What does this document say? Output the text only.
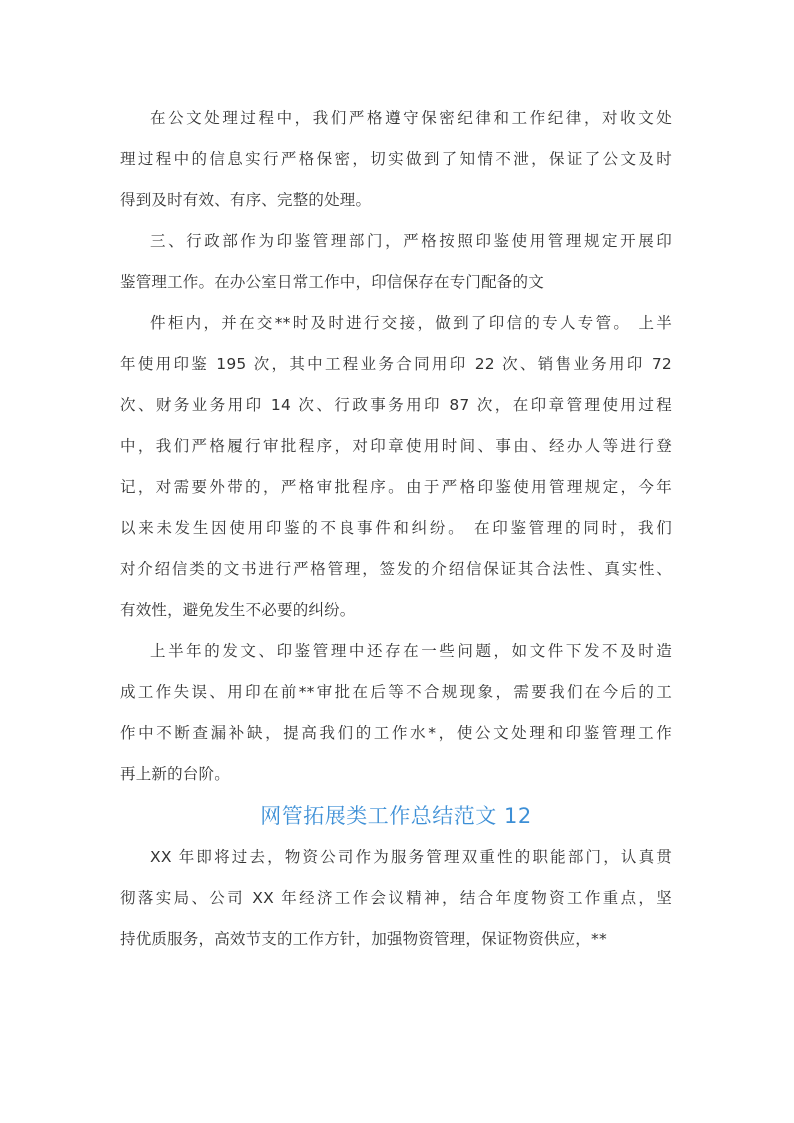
在公文处理过程中，我们严格遵守保密纪律和工作纪律，对收文处
理过程中的信息实行严格保密，切实做到了知情不泄，保证了公文及时
得到及时有效、有序、完整的处理。

三、行政部作为印鉴管理部门，严格按照印鉴使用管理规定开展印
鉴管理工作。在办公室日常工作中，印信保存在专门配备的文

件柜内，并在交**时及时进行交接，做到了印信的专人专管。 上半
年使用印鉴 195 次，其中工程业务合同用印 22 次、销售业务用印 72
次、财务业务用印 14 次、行政事务用印 87 次，在印章管理使用过程
中，我们严格履行审批程序，对印章使用时间、事由、经办人等进行登
记，对需要外带的，严格审批程序。由于严格印鉴使用管理规定，今年
以来未发生因使用印鉴的不良事件和纠纷。 在印鉴管理的同时，我们
对介绍信类的文书进行严格管理，签发的介绍信保证其合法性、真实性、
有效性，避免发生不必要的纠纷。

上半年的发文、印鉴管理中还存在一些问题，如文件下发不及时造
成工作失误、用印在前**审批在后等不合规现象，需要我们在今后的工
作中不断查漏补缺，提高我们的工作水*，使公文处理和印鉴管理工作
再上新的台阶。

网管拓展类工作总结范文 12

XX 年即将过去，物资公司作为服务管理双重性的职能部门，认真贯
彻落实局、公司 XX 年经济工作会议精神，结合年度物资工作重点，坚
持优质服务，高效节支的工作方针，加强物资管理，保证物资供应，**
